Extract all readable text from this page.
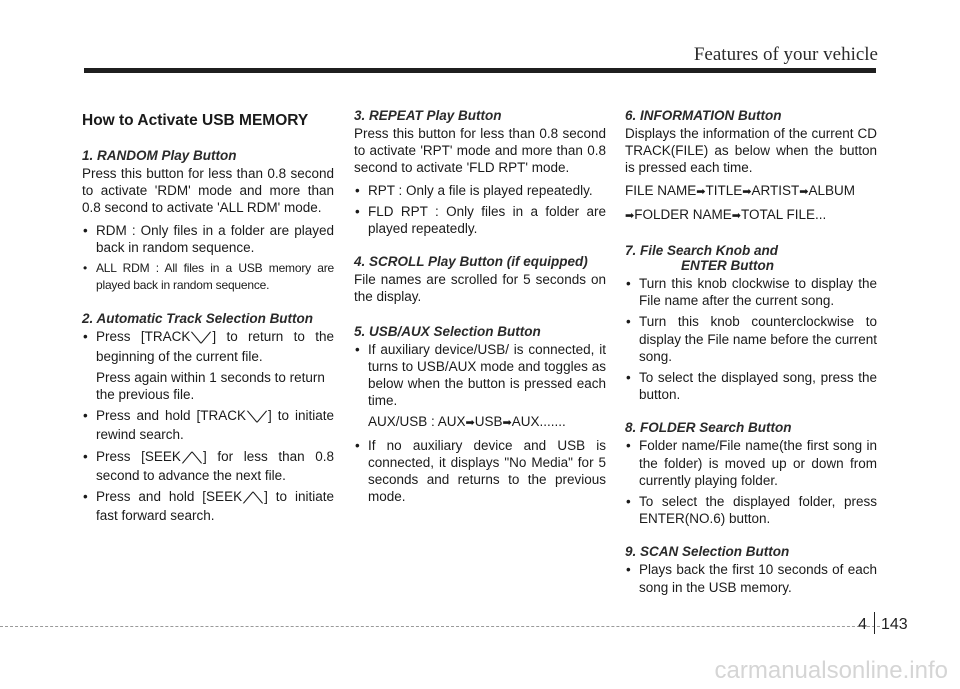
Features of your vehicle
How to Activate USB MEMORY
1. RANDOM Play Button
Press this button for less than 0.8 second to activate 'RDM' mode and more than 0.8 second to activate 'ALL RDM' mode.
• RDM : Only files in a folder are played back in random sequence.
• ALL RDM : All files in a USB memory are played back in random sequence.
2. Automatic Track Selection Button
• Press [TRACK╲╱] to return to the beginning of the current file.
Press again within 1 seconds to return the previous file.
• Press and hold [TRACK╲╱] to initiate rewind search.
• Press [SEEK╱╲] for less than 0.8 second to advance the next file.
• Press and hold [SEEK╱╲] to initiate fast forward search.
3. REPEAT Play Button
Press this button for less than 0.8 second to activate 'RPT' mode and more than 0.8 second to activate 'FLD RPT' mode.
• RPT : Only a file is played repeatedly.
• FLD RPT : Only files in a folder are played repeatedly.
4. SCROLL Play Button (if equipped)
File names are scrolled for 5 seconds on the display.
5. USB/AUX Selection Button
• If auxiliary device/USB/ is connected, it turns to USB/AUX mode and toggles as below when the button is pressed each time.
AUX/USB : AUX➡USB➡AUX.......
• If no auxiliary device and USB is connected, it displays "No Media" for 5 seconds and returns to the previous mode.
6. INFORMATION Button
Displays the information of the current CD TRACK(FILE) as below when the button is pressed each time.
FILE NAME➡TITLE➡ARTIST➡ALBUM
➡FOLDER NAME➡TOTAL FILE...
7. File Search Knob and
ENTER Button
• Turn this knob clockwise to display the File name after the current song.
• Turn this knob counterclockwise to display the File name before the current song.
• To select the displayed song, press the button.
8. FOLDER Search Button
• Folder name/File name(the first song in the folder) is moved up or down from currently playing folder.
• To select the displayed folder, press ENTER(NO.6) button.
9. SCAN Selection Button
• Plays back the first 10 seconds of each song in the USB memory.
4 143
carmanualsonline.info
